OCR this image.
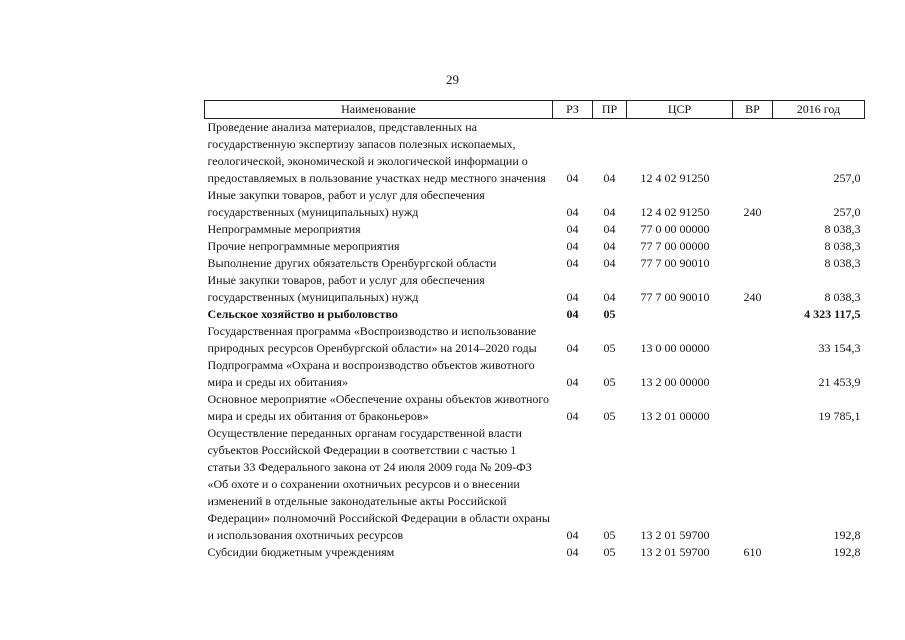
29
Наименование	РЗ	ПР	ЦСР	ВР	2016 год
Проведение анализа материалов, представленных на государственную экспертизу запасов полезных ископаемых, геологической, экономической и экологической информации о предоставляемых в пользование участках недр местного значения	04	04	12 4 02 91250		257,0
Иные закупки товаров, работ и услуг для обеспечения государственных (муниципальных) нужд	04	04	12 4 02 91250	240	257,0
Непрограммные мероприятия	04	04	77 0 00 00000		8 038,3
Прочие непрограммные мероприятия	04	04	77 7 00 00000		8 038,3
Выполнение других обязательств Оренбургской области	04	04	77 7 00 90010		8 038,3
Иные закупки товаров, работ и услуг для обеспечения государственных (муниципальных) нужд	04	04	77 7 00 90010	240	8 038,3
Сельское хозяйство и рыболовство	04	05			4 323 117,5
Государственная программа «Воспроизводство и использование природных ресурсов Оренбургской области» на 2014–2020 годы	04	05	13 0 00 00000		33 154,3
Подпрограмма «Охрана и воспроизводство объектов животного мира и среды их обитания»	04	05	13 2 00 00000		21 453,9
Основное мероприятие «Обеспечение охраны объектов животного мира и среды их обитания от браконьеров»	04	05	13 2 01 00000		19 785,1
Осуществление переданных органам государственной власти субъектов Российской Федерации в соответствии с частью 1 статьи 33 Федерального закона от 24 июля 2009 года № 209-ФЗ «Об охоте и о сохранении охотничьих ресурсов и о внесении изменений в отдельные законодательные акты Российской Федерации» полномочий Российской Федерации в области охраны и использования охотничьих ресурсов	04	05	13 2 01 59700		192,8
Субсидии бюджетным учреждениям	04	05	13 2 01 59700	610	192,8
